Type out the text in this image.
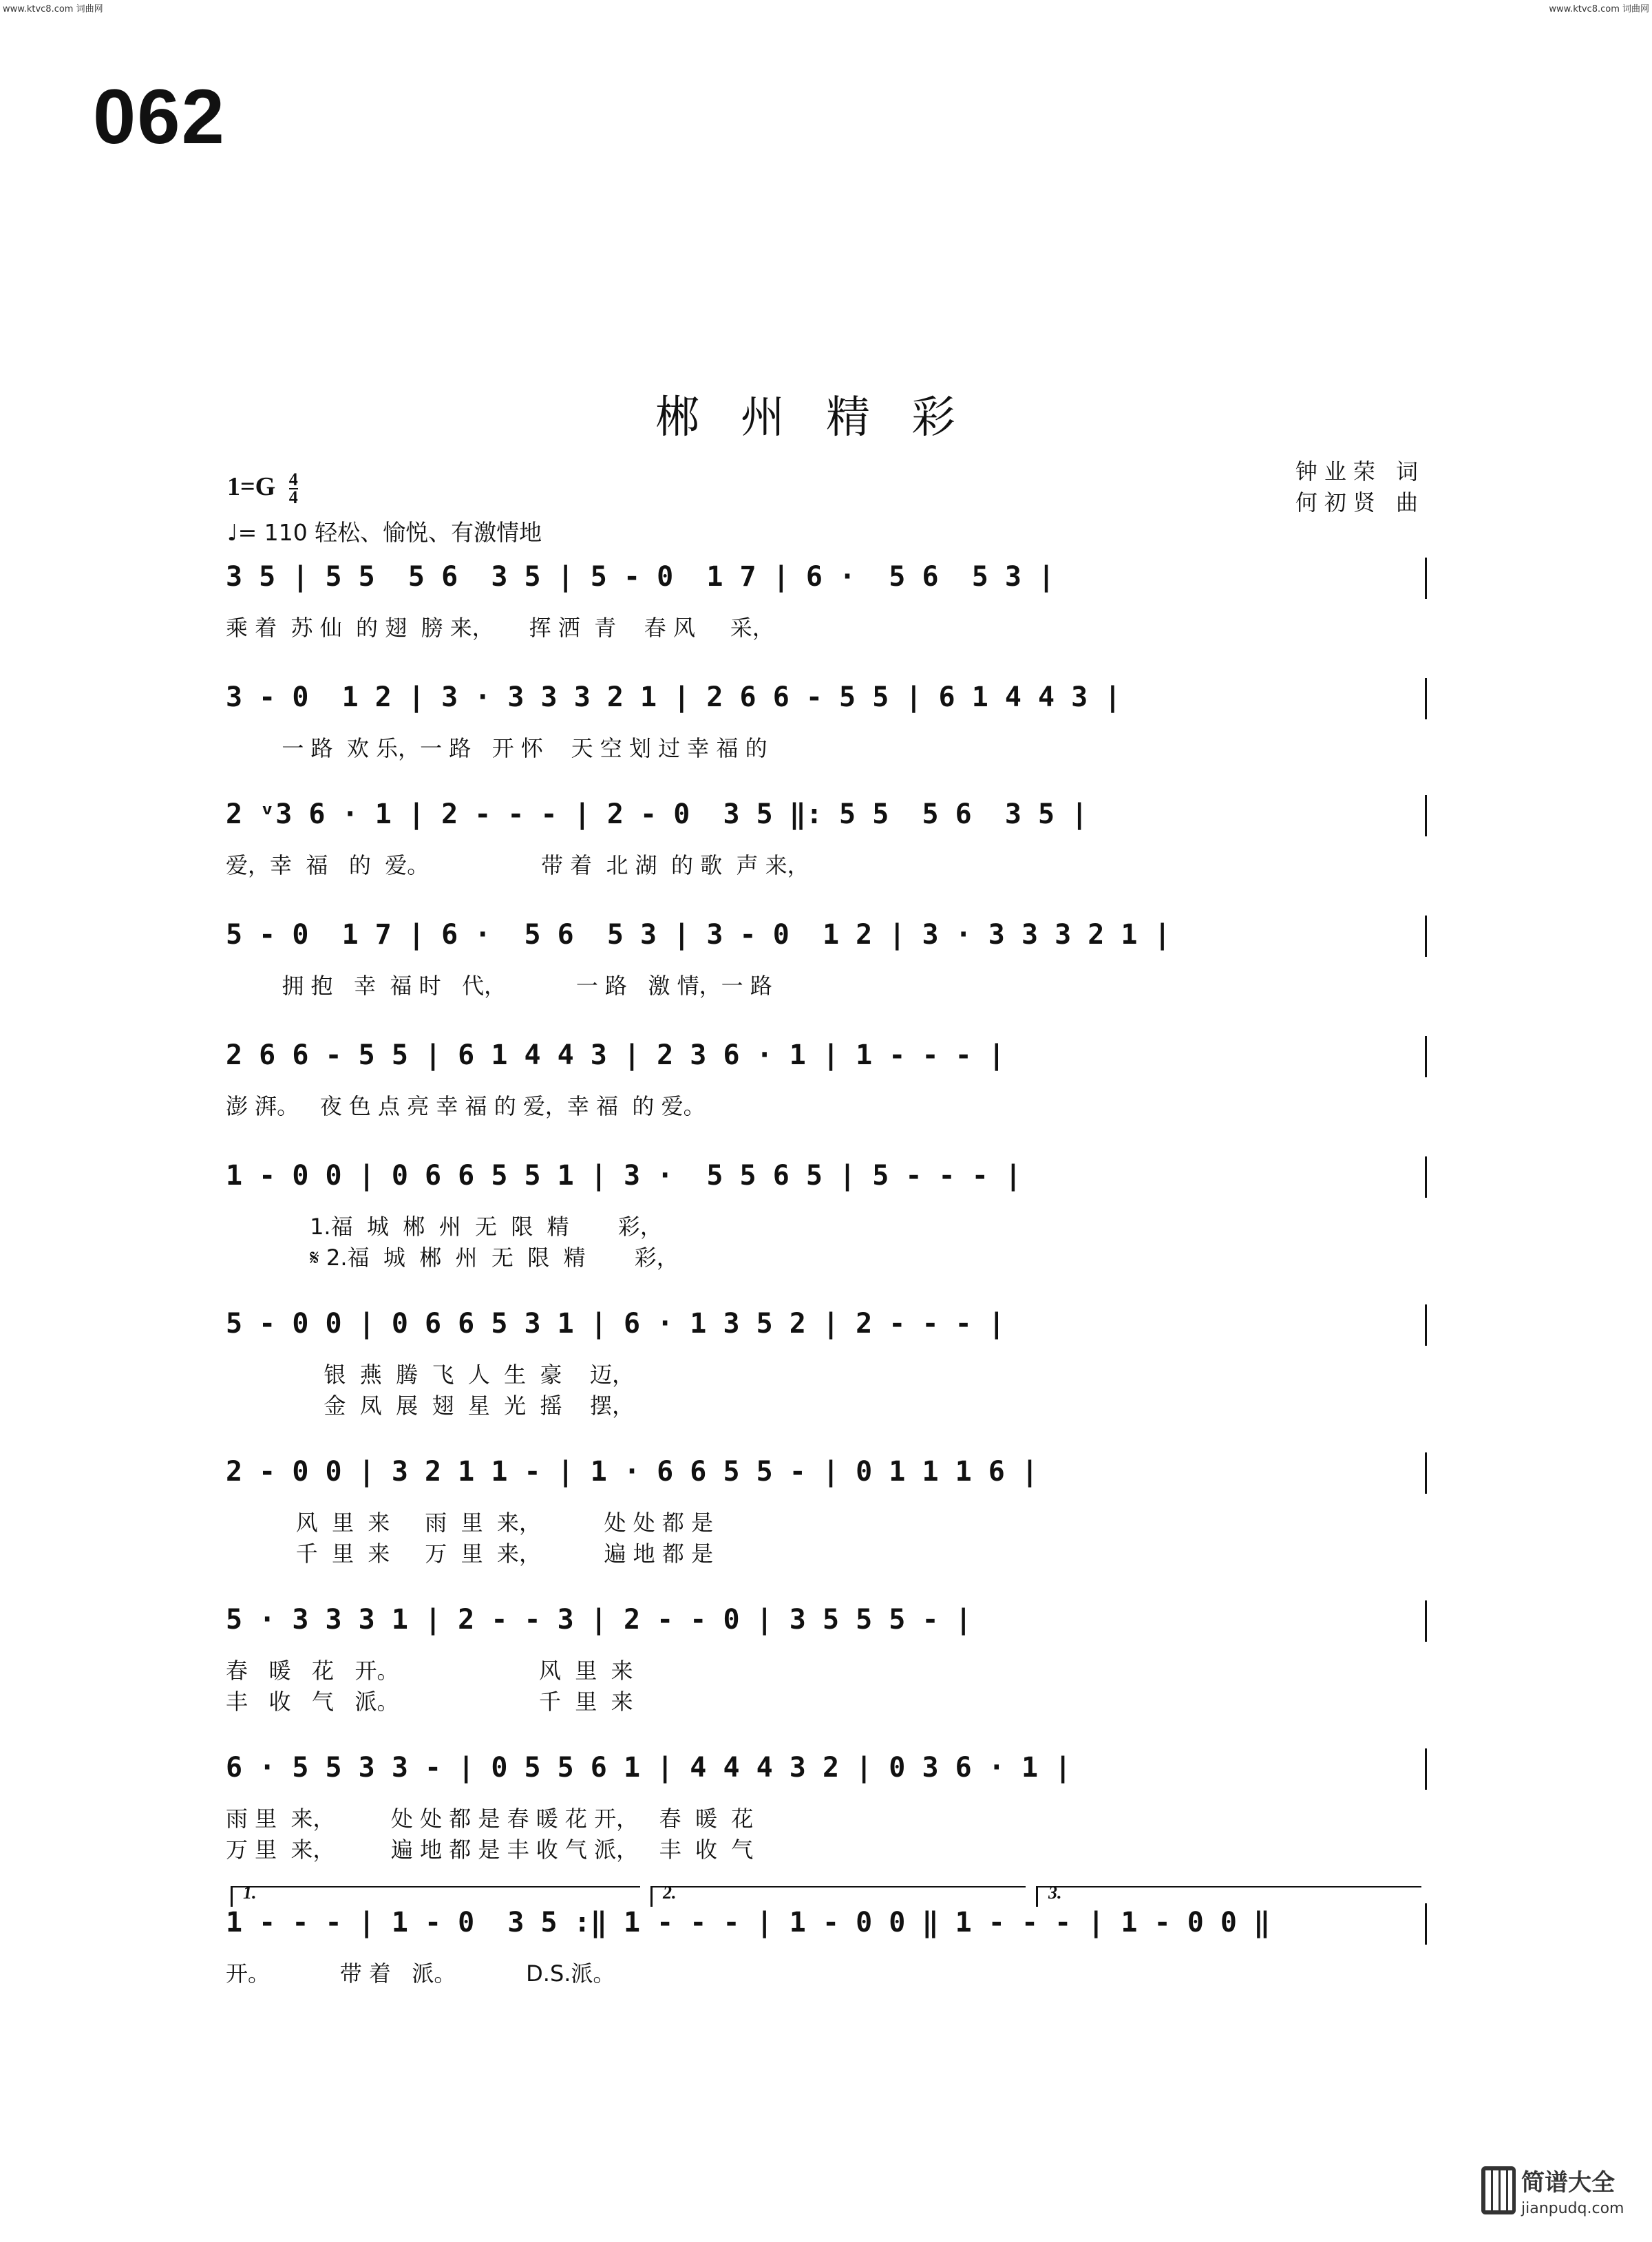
www.ktvc8.com 词曲网	www.ktvc8.com 词曲网
062
郴州精彩
钟业荣 词
何初贤 曲
$1=G \frac{4}{4}$
♩= 110 轻松、愉悦、有激情地
3 5 | 5 5  5 6  3 5 | 5 - 0  1 7 | 6 ·  5 6  5 3 |
乘 着  苏 仙  的 翅  膀 来，     挥 洒  青    春 风     采，
3 - 0  1 2 | 3 · 3 3 3 2 1 | 2 6 6 - 5 5 | 6 1 4 4 3 |
一 路  欢 乐，一 路   开 怀    天 空 划 过 幸 福 的
2 ᵛ3 6 · 1 | 2 - - - | 2 - 0  3 5 ‖: 5 5  5 6  3 5 |
爱，幸  福   的  爱。                带 着  北 湖  的 歌  声 来，
5 - 0  1 7 | 6 ·  5 6  5 3 | 3 - 0  1 2 | 3 · 3 3 3 2 1 |
拥 抱   幸  福 时   代，          一 路   激 情，一 路
2 6 6 - 5 5 | 6 1 4 4 3 | 2 3 6 · 1 | 1 - - - |
澎 湃。   夜 色 点 亮 幸 福 的 爱，幸 福  的 爱。
1 - 0 0 | 0 6 6 5 5 1 | 3 ·  5 5 6 5 | 5 - - - |
1.福  城  郴  州  无  限  精       彩，
𝄋 2.福  城  郴  州  无  限  精       彩，
5 - 0 0 | 0 6 6 5 3 1 | 6 · 1 3 5 2 | 2 - - - |
银  燕  腾  飞  人  生  豪    迈，
金  凤  展  翅  星  光  摇    摆，
2 - 0 0 | 3 2 1 1 - | 1 · 6 6 5 5 - | 0 1 1 1 6 |
风  里  来     雨  里  来，         处 处 都 是
千  里  来     万  里  来，         遍 地 都 是
5 · 3 3 3 1 | 2 - - 3 | 2 - - 0 | 3 5 5 5 - |
春   暖   花   开。                    风  里  来
丰   收   气   派。                    千  里  来
6 · 5 5 3 3 - | 0 5 5 6 1 | 4 4 4 3 2 | 0 3 6 · 1 |
雨 里  来，        处 处 都 是 春 暖 花 开，   春  暖  花
万 里  来，        遍 地 都 是 丰 收 气 派，   丰  收  气
1 - - - | 1 - 0  3 5 :‖ 1 - - - | 1 - 0 0 ‖ 1 - - - | 1 - 0 0 ‖
开。          带 着   派。          D.S.派。
1.	2.	3.
简谱大全
jianpudq.com
